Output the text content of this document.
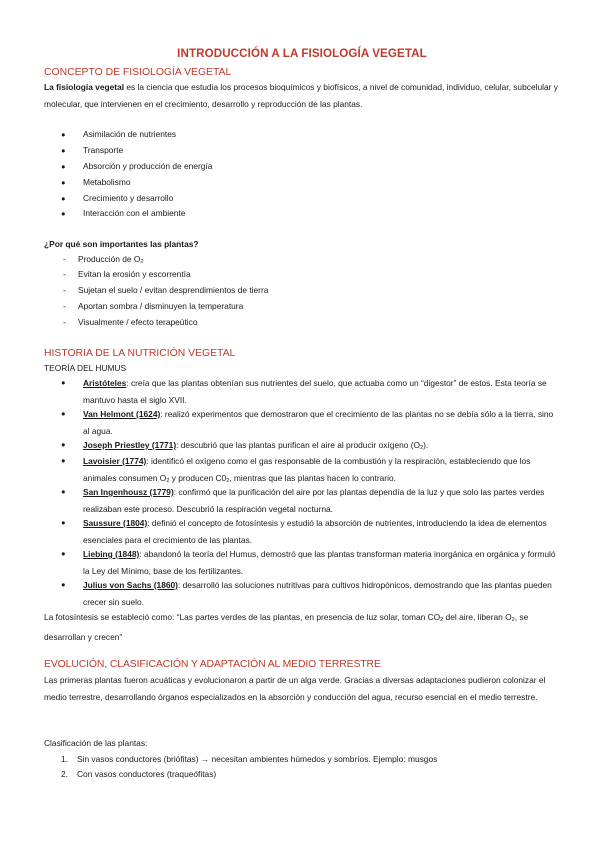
INTRODUCCIÓN A LA FISIOLOGÍA VEGETAL
CONCEPTO DE FISIOLOGÍA VEGETAL

La fisiología vegetal es la ciencia que estudia los procesos bioquímicos y biofísicos, a nivel de comunidad, individuo, celular, subcelular y molecular, que intervienen en el crecimiento, desarrollo y reproducción de las plantas.

● Asimilación de nutrientes
● Transporte
● Absorción y producción de energía
● Metabolismo
● Crecimiento y desarrollo
● Interacción con el ambiente
¿Por qué son importantes las plantas?
- Producción de $O_2$
- Evitan la erosión y escorrentía
- Sujetan el suelo / evitan desprendimientos de tierra
- Aportan sombra / disminuyen la temperatura
- Visualmente / efecto terapeútico
HISTORIA DE LA NUTRICIÓN VEGETAL
TEORÍA DEL HUMUS
● Aristóteles: creía que las plantas obtenían sus nutrientes del suelo, que actuaba como un “digestor” de estos. Esta teoría se mantuvo hasta el siglo XVII.
● Van Helmont (1624): realizó experimentos que demostraron que el crecimiento de las plantas no se debía sólo a la tierra, sino al agua.
● Joseph Priestley (1771): descubrió que las plantas purifican el aire al producir oxígeno $(O_2)$.
● Lavoisier (1774): identificó el oxígeno como el gas responsable de la combustión y la respiración, estableciendo que los animales consumen $O_2$ y producen $C0_2$, mientras que las plantas hacen lo contrario.
● San Ingenhousz (1779): confirmó que la purificación del aire por las plantas dependía de la luz y que solo las partes verdes realizaban este proceso. Descubrió la respiración vegetal nocturna.
● Saussure (1804): definió el concepto de fotosíntesis y estudió la absorción de nutrientes, introduciendo la idea de elementos esenciales para el crecimiento de las plantas.
● Liebing (1848): abandonó la teoría del Humus, demostró que las plantas transforman materia inorgánica en orgánica y formuló la Ley del Mínimo, base de los fertilizantes.
● Julius von Sachs (1860): desarrolló las soluciones nutritivas para cultivos hidropónicos, demostrando que las plantas pueden crecer sin suelo.

La fotosíntesis se estableció como: “Las partes verdes de las plantas, en presencia de luz solar, toman $CO_2$ del aire, liberan $O_2$, se desarrollan y crecen”

EVOLUCIÓN, CLASIFICACIÓN Y ADAPTACIÓN AL MEDIO TERRESTRE

Las primeras plantas fueron acuáticas y evolucionaron a partir de un alga verde. Gracias a diversas adaptaciones pudieron colonizar el medio terrestre, desarrollando órganos especializados en la absorción y conducción del agua, recurso esencial en el medio terrestre.

Clasificación de las plantas:
1. Sin vasos conductores (briófitas) → necesitan ambientes húmedos y sombríos. Ejemplo: musgos
2. Con vasos conductores (traqueófitas)
